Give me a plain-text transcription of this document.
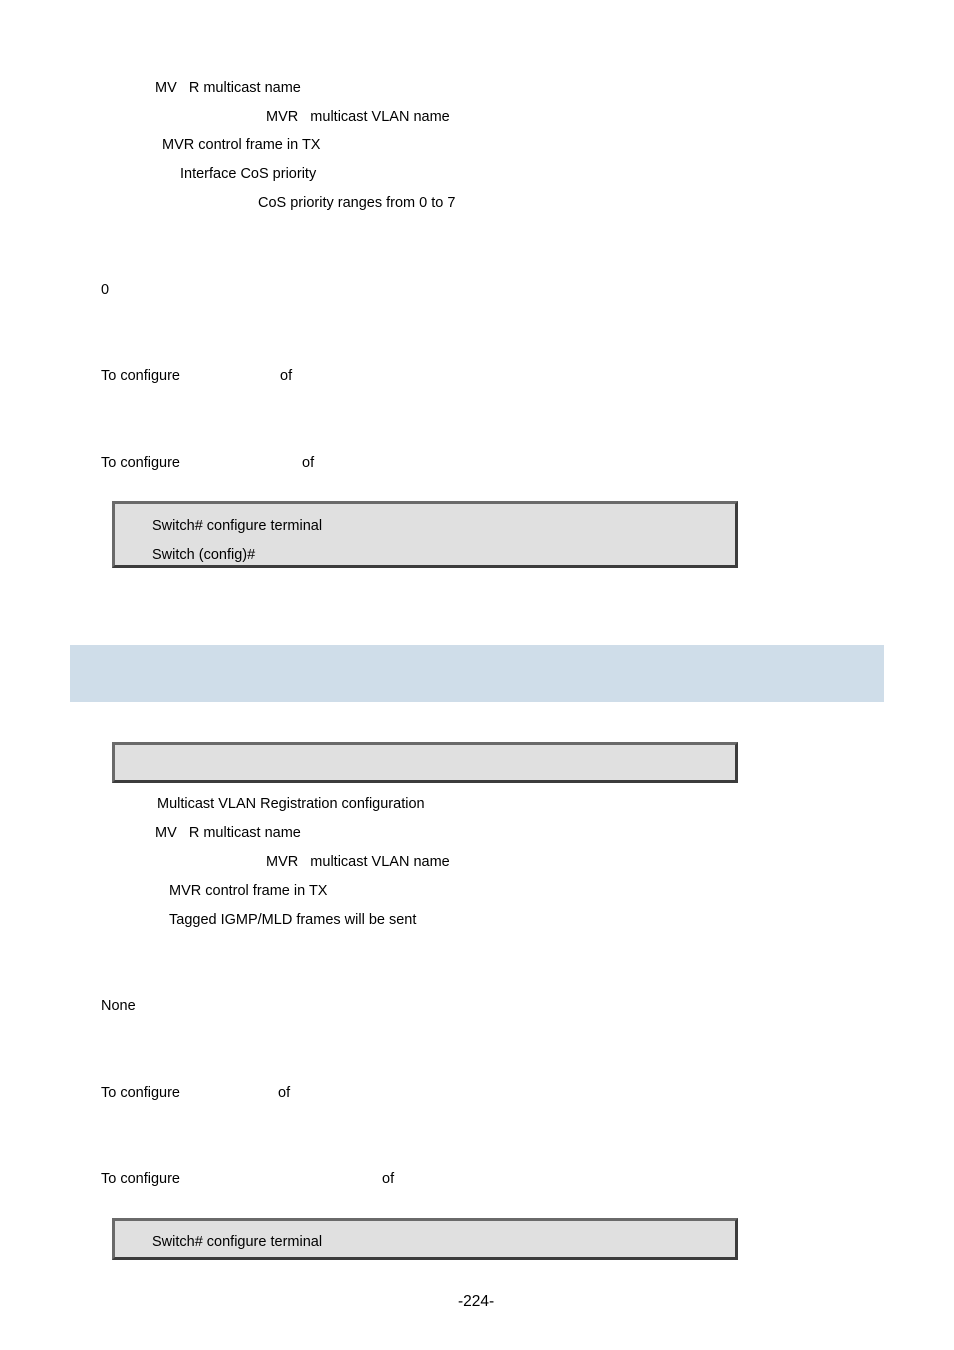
MV   R multicast name
MVR   multicast VLAN name
MVR control frame in TX
Interface CoS priority
CoS priority ranges from 0 to 7
0
To configure	of
To configure	of
Switch# configure terminal
Switch (config)#
Multicast VLAN Registration configuration
MV   R multicast name
MVR   multicast VLAN name
MVR control frame in TX
Tagged IGMP/MLD frames will be sent
None
To configure	of
To configure	of
Switch# configure terminal
-224-
